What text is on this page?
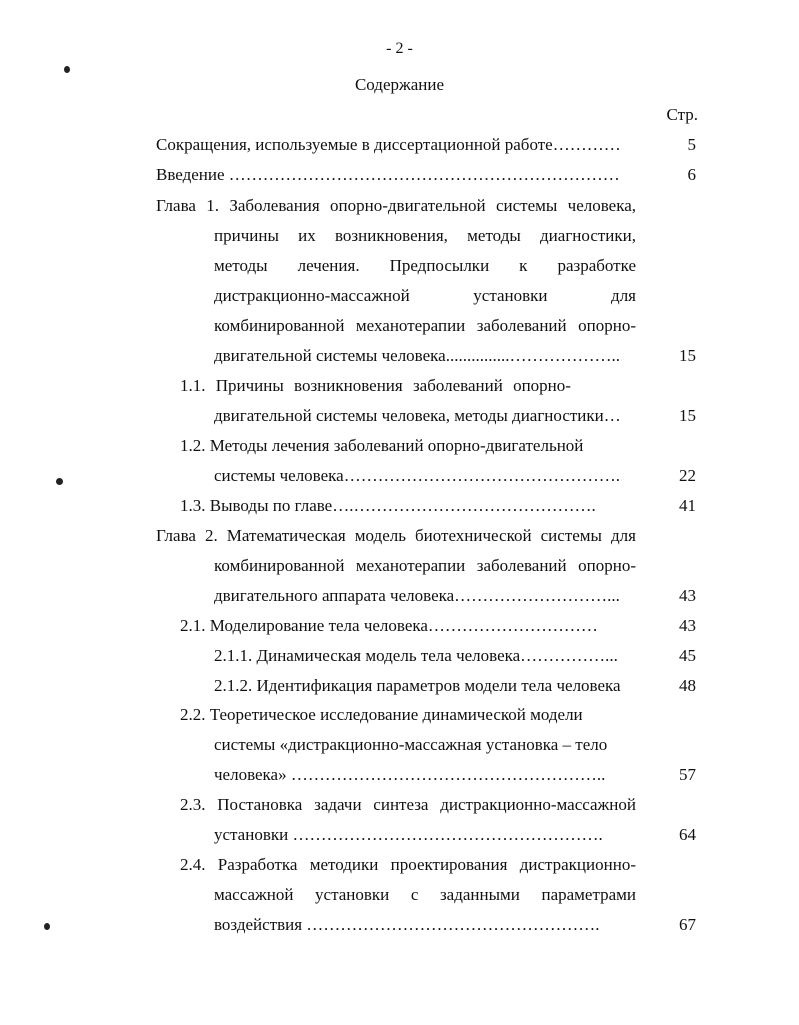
- 2 -
Содержание
Стр.
Сокращения, используемые в диссертационной работе…………	5
Введение ……………………………………………………………	6
Глава 1. Заболевания опорно-двигательной системы человека,
причины их возникновения, методы диагностики,
методы лечения. Предпосылки к разработке
дистракционно-массажной установки для
комбинированной механотерапии заболеваний опорно-
двигательной системы человека...............………………..	15
1.1. Причины возникновения заболеваний опорно-
двигательной системы человека, методы диагностики…	15
1.2. Методы лечения заболеваний опорно-двигательной
системы человека………………………………………….	22
1.3. Выводы по главе….…………………………………….	41
Глава 2. Математическая модель биотехнической системы для
комбинированной механотерапии заболеваний опорно-
двигательного аппарата человека………………………...	43
2.1. Моделирование тела человека…………………………	43
2.1.1. Динамическая модель тела человека……………...	45
2.1.2. Идентификация параметров модели тела человека	48
2.2. Теоретическое исследование динамической модели
системы «дистракционно-массажная установка – тело
человека» ………………………………………………..	57
2.3. Постановка задачи синтеза дистракционно-массажной
установки ……………………………………………….	64
2.4. Разработка методики проектирования дистракционно-
массажной установки с заданными параметрами
воздействия …………………………………………….	67
